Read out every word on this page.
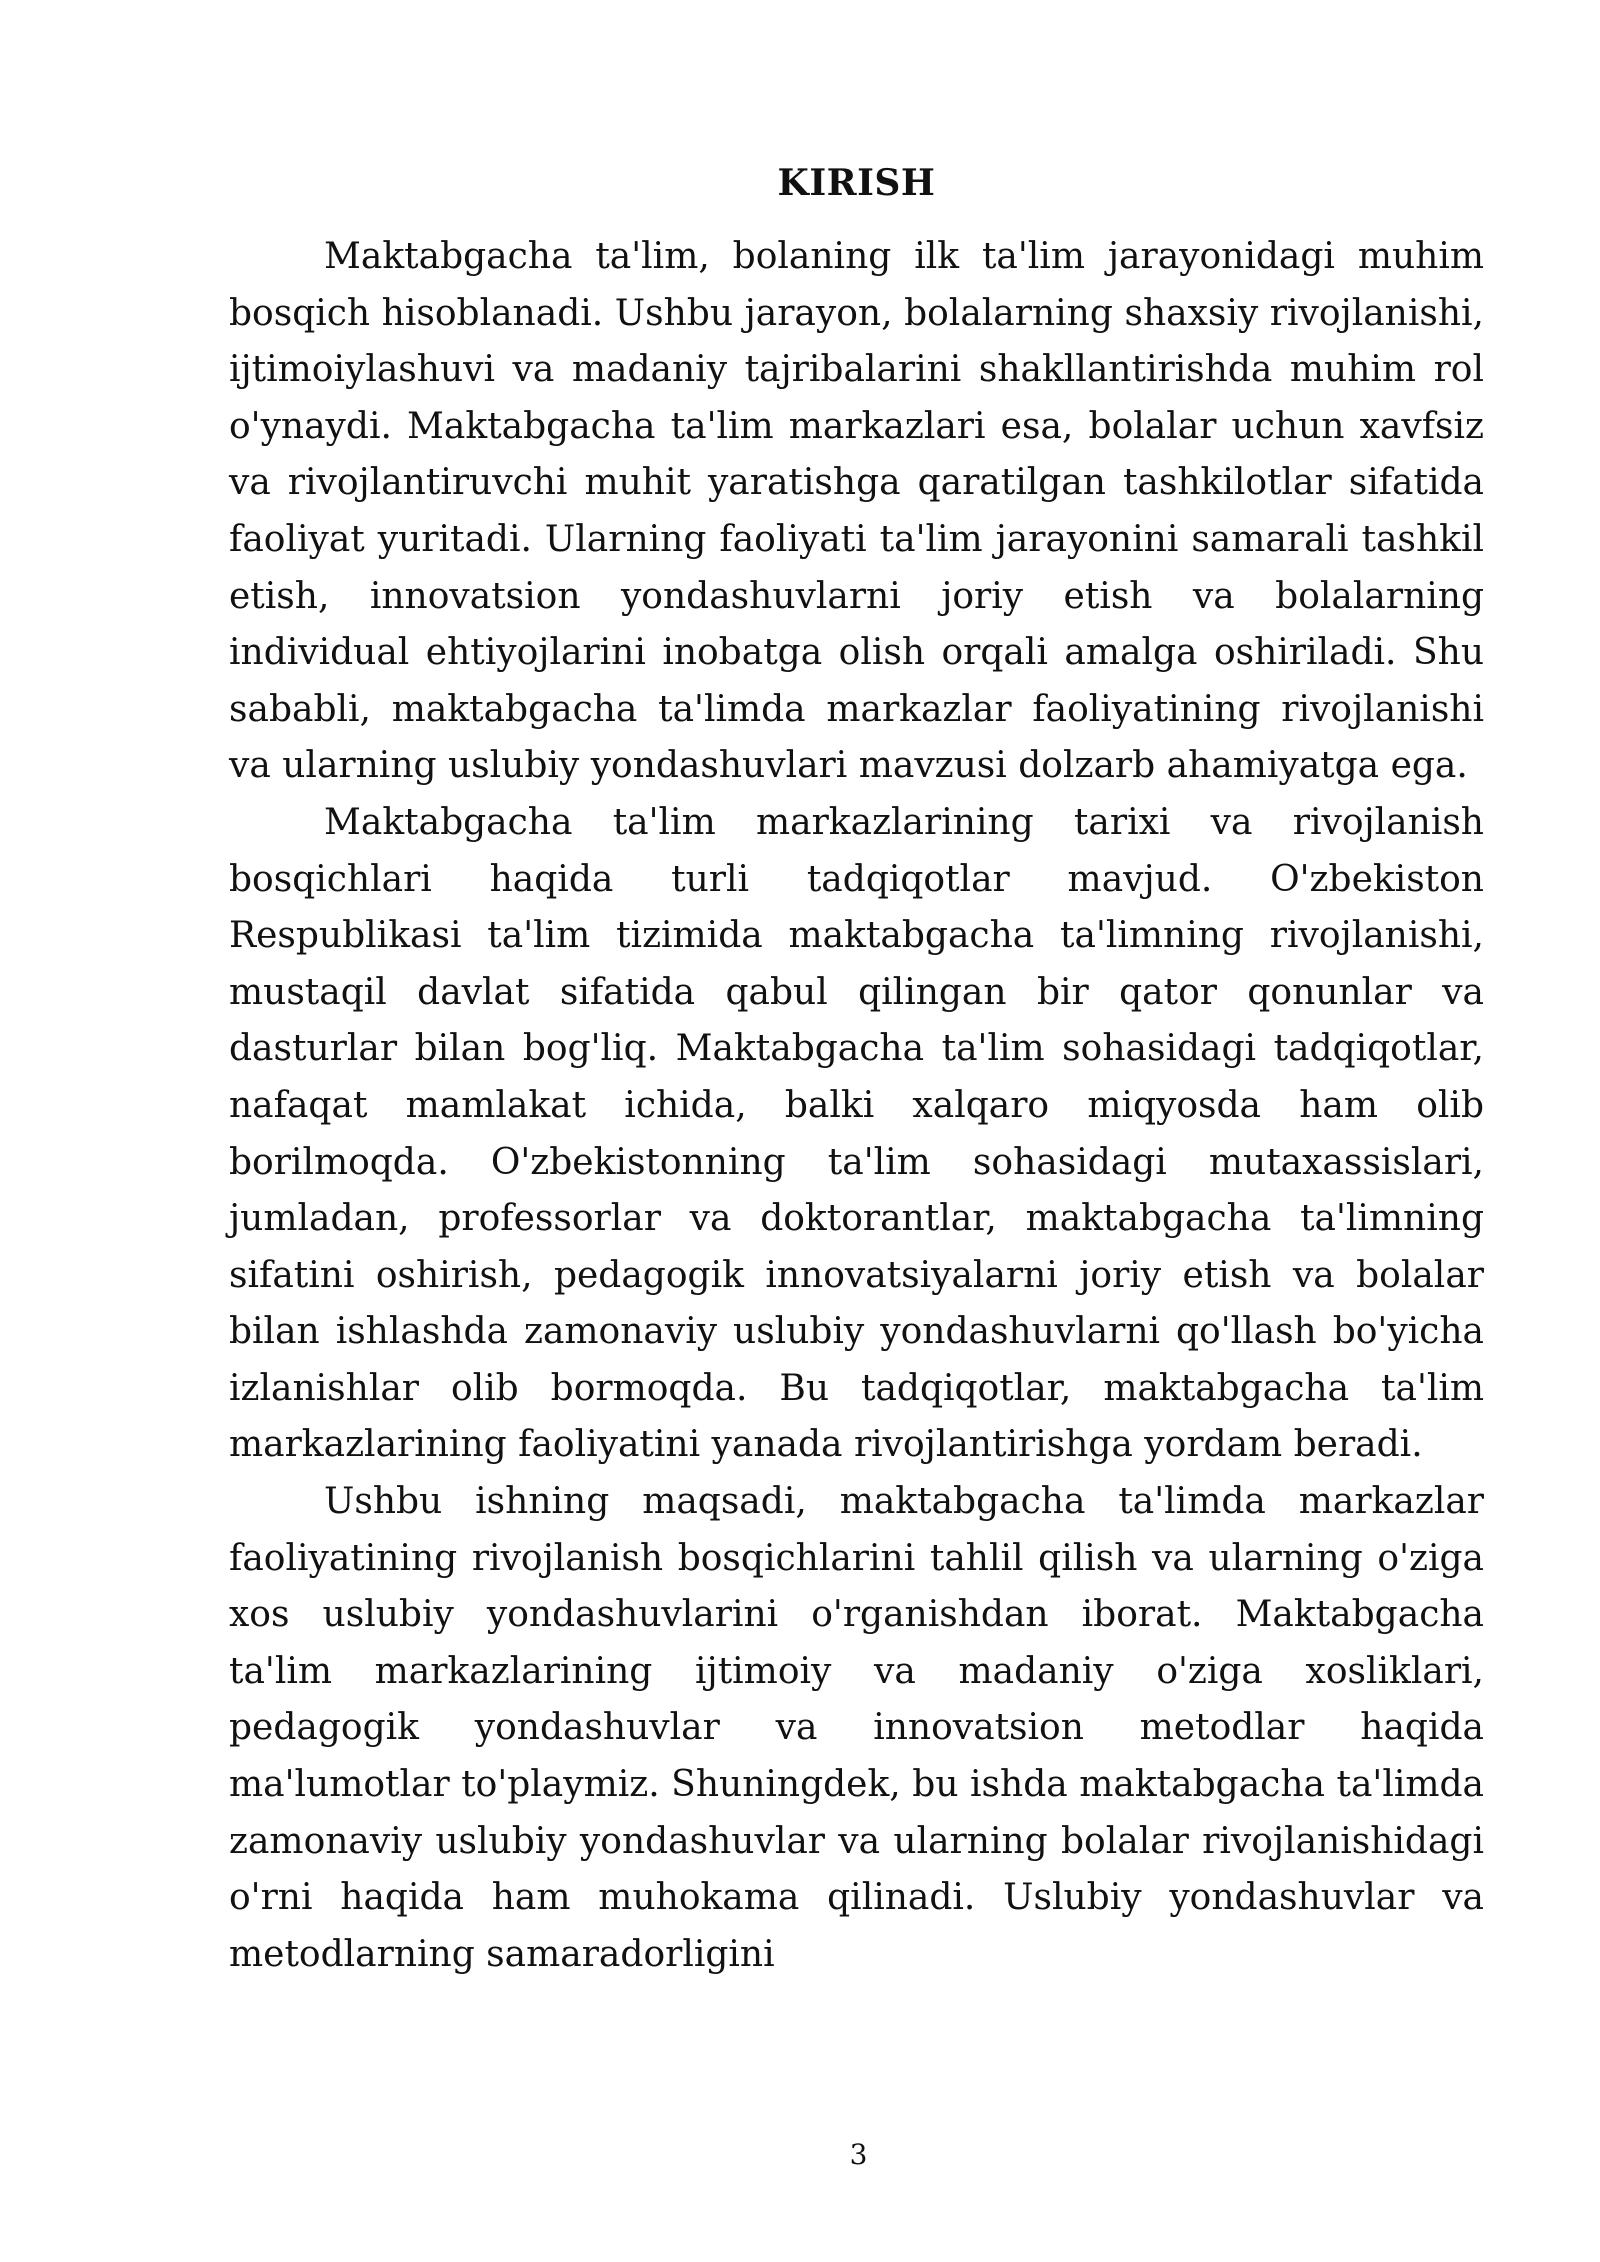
KIRISH

Maktabgacha ta'lim, bolaning ilk ta'lim jarayonidagi muhim bosqich hisoblanadi. Ushbu jarayon, bolalarning shaxsiy rivojlanishi, ijtimoiylashuvi va madaniy tajribalarini shakllantirishda muhim rol o'ynaydi. Maktabgacha ta'lim markazlari esa, bolalar uchun xavfsiz va rivojlantiruvchi muhit yaratishga qaratilgan tashkilotlar sifatida faoliyat yuritadi. Ularning faoliyati ta'lim jarayonini samarali tashkil etish, innovatsion yondashuvlarni joriy etish va bolalarning individual ehtiyojlarini inobatga olish orqali amalga oshiriladi. Shu sababli, maktabgacha ta'limda markazlar faoliyatining rivojlanishi va ularning uslubiy yondashuvlari mavzusi dolzarb ahamiyatga ega.

Maktabgacha ta'lim markazlarining tarixi va rivojlanish bosqichlari haqida turli tadqiqotlar mavjud. O'zbekiston Respublikasi ta'lim tizimida maktabgacha ta'limning rivojlanishi, mustaqil davlat sifatida qabul qilingan bir qator qonunlar va dasturlar bilan bog'liq. Maktabgacha ta'lim sohasidagi tadqiqotlar, nafaqat mamlakat ichida, balki xalqaro miqyosda ham olib borilmoqda. O'zbekistonning ta'lim sohasidagi mutaxassislari, jumladan, professorlar va doktorantlar, maktabgacha ta'limning sifatini oshirish, pedagogik innovatsiyalarni joriy etish va bolalar bilan ishlashda zamonaviy uslubiy yondashuvlarni qo'llash bo'yicha izlanishlar olib bormoqda. Bu tadqiqotlar, maktabgacha ta'lim markazlarining faoliyatini yanada rivojlantirishga yordam beradi.

Ushbu ishning maqsadi, maktabgacha ta'limda markazlar faoliyatining rivojlanish bosqichlarini tahlil qilish va ularning o'ziga xos uslubiy yondashuvlarini o'rganishdan iborat. Maktabgacha ta'lim markazlarining ijtimoiy va madaniy o'ziga xosliklari, pedagogik yondashuvlar va innovatsion metodlar haqida ma'lumotlar to'playmiz. Shuningdek, bu ishda maktabgacha ta'limda zamonaviy uslubiy yondashuvlar va ularning bolalar rivojlanishidagi o'rni haqida ham muhokama qilinadi. Uslubiy yondashuvlar va metodlarning samaradorligini

3
